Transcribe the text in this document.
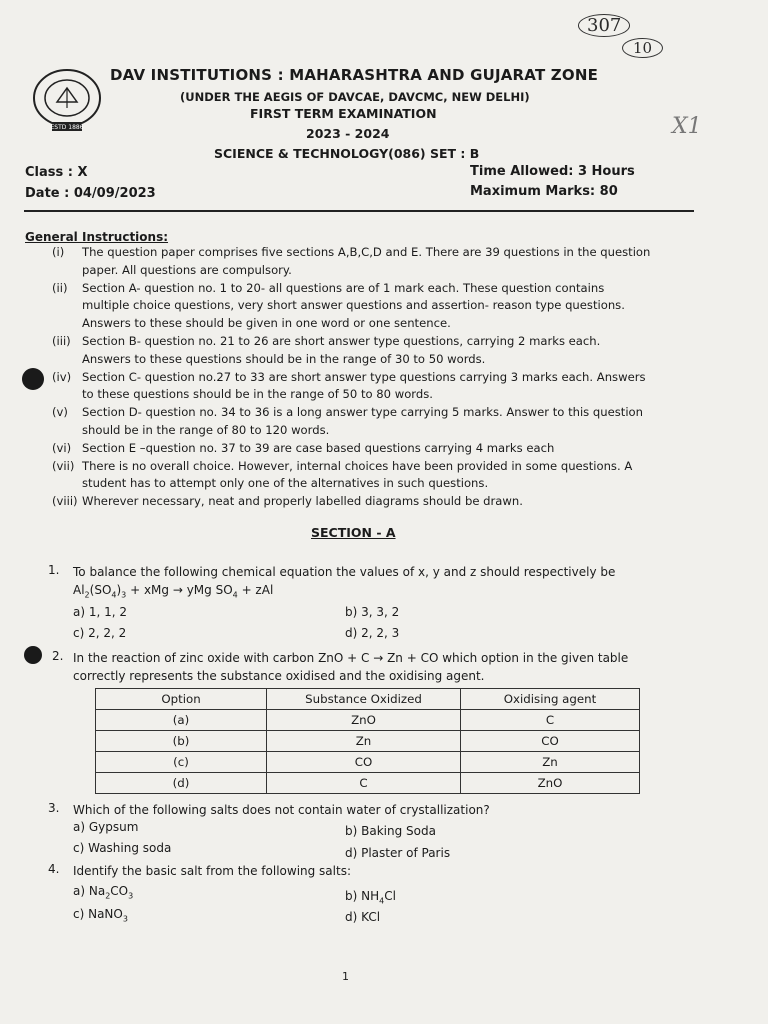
307
10
X1
ESTD 1886
DAV INSTITUTIONS : MAHARASHTRA AND GUJARAT ZONE
(UNDER THE AEGIS OF DAVCAE, DAVCMC, NEW DELHI)
FIRST TERM EXAMINATION
2023 - 2024
SCIENCE & TECHNOLOGY(086) SET : B
Class : X
Date : 04/09/2023
Time Allowed: 3 Hours
Maximum Marks: 80
General Instructions:
(i)	The question paper comprises five sections A,B,C,D and E. There are 39 questions in the question
paper. All questions are compulsory.
(ii)	Section A- question no. 1 to 20- all questions are of 1 mark each. These question contains
multiple choice questions, very short answer questions and assertion- reason type questions.
Answers to these should be given in one word or one sentence.
(iii) Section B- question no. 21 to 26 are short answer type questions, carrying 2 marks each.
Answers to these questions should be in the range of 30 to 50 words.
(iv) Section C- question no.27 to 33 are short answer type questions carrying 3 marks each. Answers
to these questions should be in the range of 50 to 80 words.
(v)	Section D- question no. 34 to 36 is a long answer type carrying 5 marks. Answer to this question
should be in the range of 80 to 120 words.
(vi) Section E –question no. 37 to 39 are case based questions carrying 4 marks each
(vii) There is no overall choice. However, internal choices have been provided in some questions. A
student has to attempt only one of the alternatives in such questions.
(viii) Wherever necessary, neat and properly labelled diagrams should be drawn.
SECTION - A
1. To balance the following chemical equation the values of x, y and z should respectively be
$Al_2(SO_4)_3$ + xMg → yMg $SO_4$ + zAl
a) 1, 1, 2	b) 3, 3, 2
c) 2, 2, 2	d) 2, 2, 3
2. In the reaction of zinc oxide with carbon ZnO + C → Zn + CO which option in the given table
correctly represents the substance oxidised and the oxidising agent.
Option	Substance Oxidized	Oxidising agent
(a)	ZnO	C
(b)	Zn	CO
(c)	CO	Zn
(d)	C	ZnO
3. Which of the following salts does not contain water of crystallization?
a) Gypsum	b) Baking Soda
c) Washing soda	d) Plaster of Paris
4. Identify the basic salt from the following salts:
a) $Na_2CO_3$	b) $NH_4Cl$
c) NaNO$_3$	d) KCl
1
